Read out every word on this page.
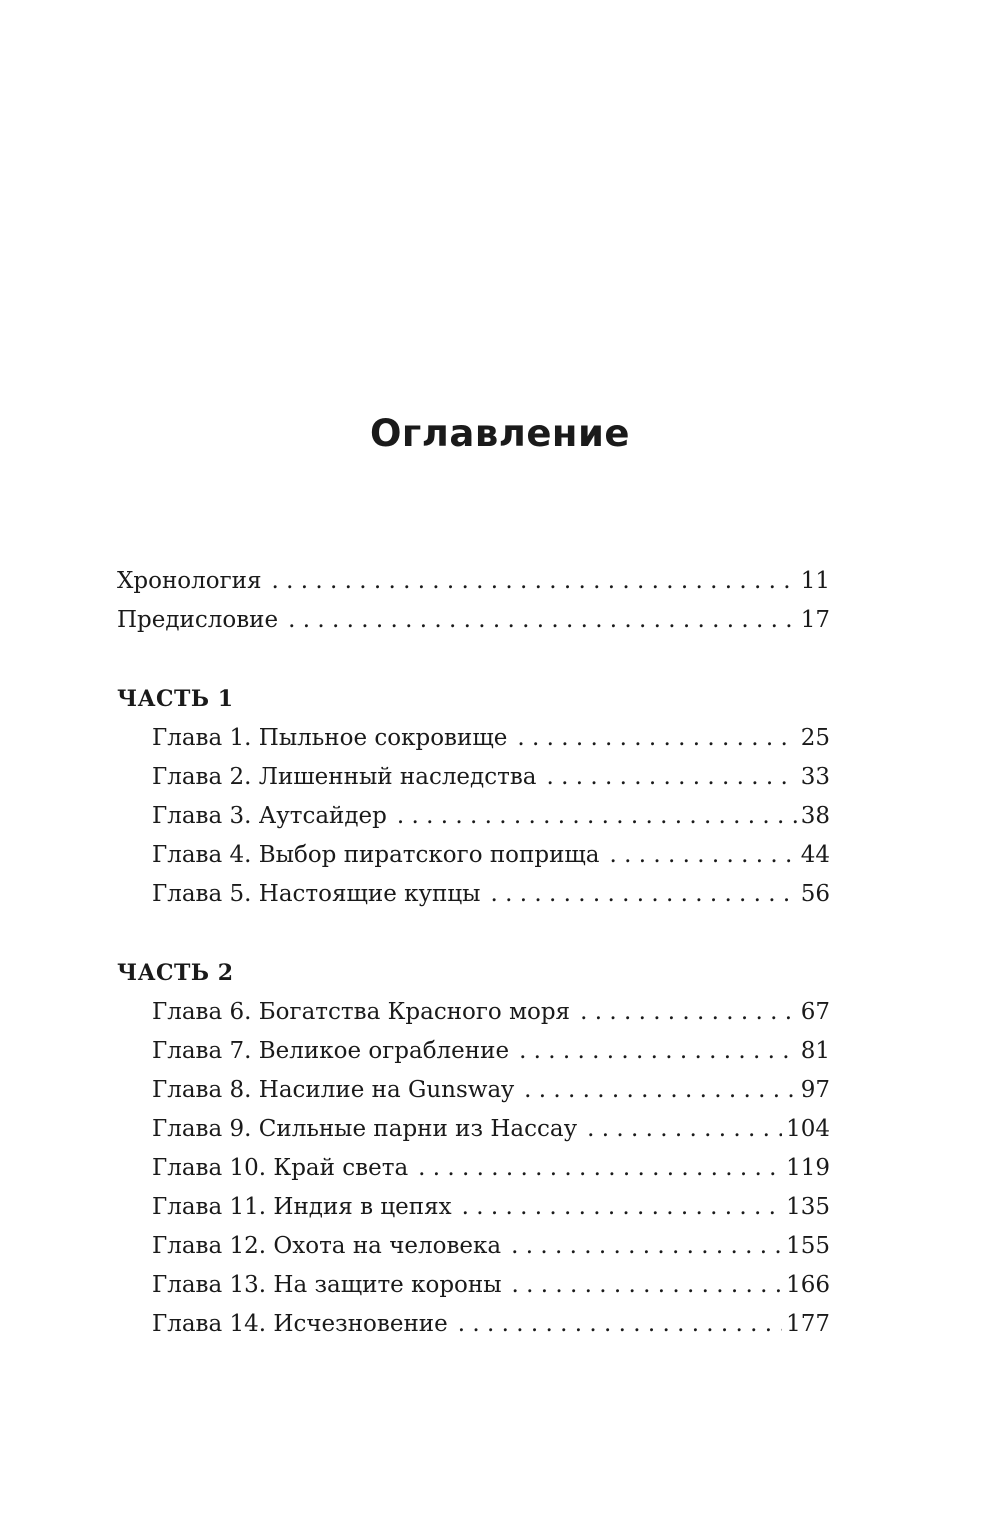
Оглавление
Хронология . . .	11
Предисловие . . .	17
ЧАСТЬ 1
Глава 1. Пыльное сокровище . . .	25
Глава 2. Лишенный наследства . . .	33
Глава 3. Аутсайдер . . .	38
Глава 4. Выбор пиратского поприща . . .	44
Глава 5. Настоящие купцы . . .	56
ЧАСТЬ 2
Глава 6. Богатства Красного моря . . .	67
Глава 7. Великое ограбление . . .	81
Глава 8. Насилие на Gunsway . . .	97
Глава 9. Сильные парни из Нассау . . .	104
Глава 10. Край света . . .	119
Глава 11. Индия в цепях . . .	135
Глава 12. Охота на человека . . .	155
Глава 13. На защите короны . . .	166
Глава 14. Исчезновение . . .	177
